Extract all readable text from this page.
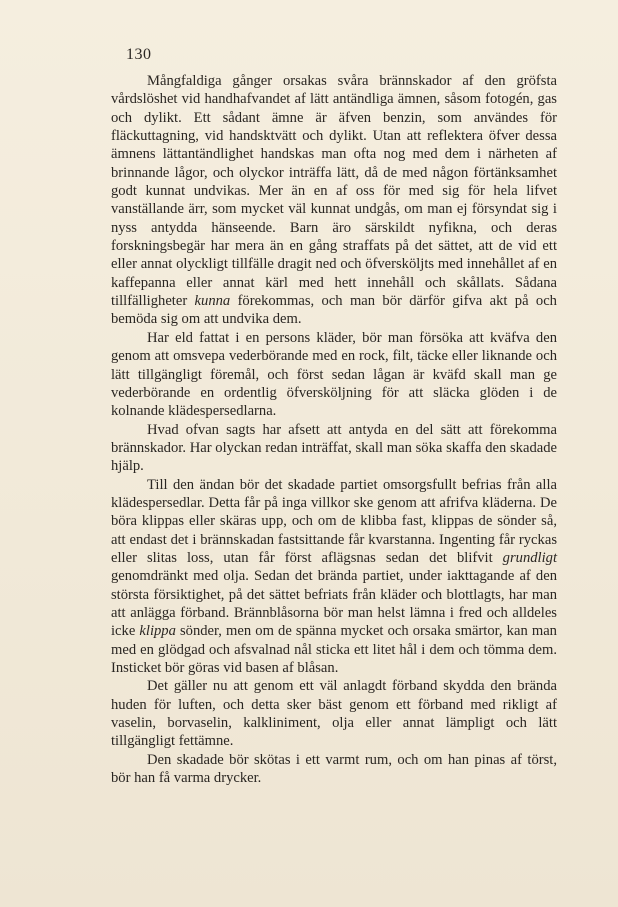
130

Mångfaldiga gånger orsakas svåra brännskador af den gröfsta vårdslöshet vid handhafvandet af lätt antändliga ämnen, såsom fotogén, gas och dylikt. Ett sådant ämne är äfven benzin, som användes för fläckuttagning, vid handsktvätt och dylikt. Utan att reflektera öfver dessa ämnens lättantändlighet handskas man ofta nog med dem i närheten af brinnande lågor, och olyckor inträffa lätt, då de med någon förtänksamhet godt kunnat undvikas. Mer än en af oss för med sig för hela lifvet vanställande ärr, som mycket väl kunnat undgås, om man ej försyndat sig i nyss antydda hänseende. Barn äro särskildt nyfikna, och deras forskningsbegär har mera än en gång straffats på det sättet, att de vid ett eller annat olyckligt tillfälle dragit ned och öfversköljts med innehållet af en kaffepanna eller annat kärl med hett innehåll och skållats. Sådana tillfälligheter kunna förekommas, och man bör därför gifva akt på och bemöda sig om att undvika dem.

Har eld fattat i en persons kläder, bör man försöka att kväfva den genom att omsvepa vederbörande med en rock, filt, täcke eller liknande och lätt tillgängligt föremål, och först sedan lågan är kväfd skall man ge vederbörande en ordentlig öfversköljning för att släcka glöden i de kolnande klädespersedlarna.

Hvad ofvan sagts har afsett att antyda en del sätt att förekomma brännskador. Har olyckan redan inträffat, skall man söka skaffa den skadade hjälp.

Till den ändan bör det skadade partiet omsorgsfullt befrias från alla klädespersedlar. Detta får på inga villkor ske genom att afrifva kläderna. De böra klippas eller skäras upp, och om de klibba fast, klippas de sönder så, att endast det i brännskadan fastsittande får kvarstanna. Ingenting får ryckas eller slitas loss, utan får först aflägsnas sedan det blifvit grundligt genomdränkt med olja. Sedan det brända partiet, under iakttagande af den största försiktighet, på det sättet befriats från kläder och blottlagts, har man att anlägga förband. Brännblåsorna bör man helst lämna i fred och alldeles icke klippa sönder, men om de spänna mycket och orsaka smärtor, kan man med en glödgad och afsvalnad nål sticka ett litet hål i dem och tömma dem. Insticket bör göras vid basen af blåsan.

Det gäller nu att genom ett väl anlagdt förband skydda den brända huden för luften, och detta sker bäst genom ett förband med rikligt af vaselin, borvaselin, kalkliniment, olja eller annat lämpligt och lätt tillgängligt fettämne.

Den skadade bör skötas i ett varmt rum, och om han pinas af törst, bör han få varma drycker.
